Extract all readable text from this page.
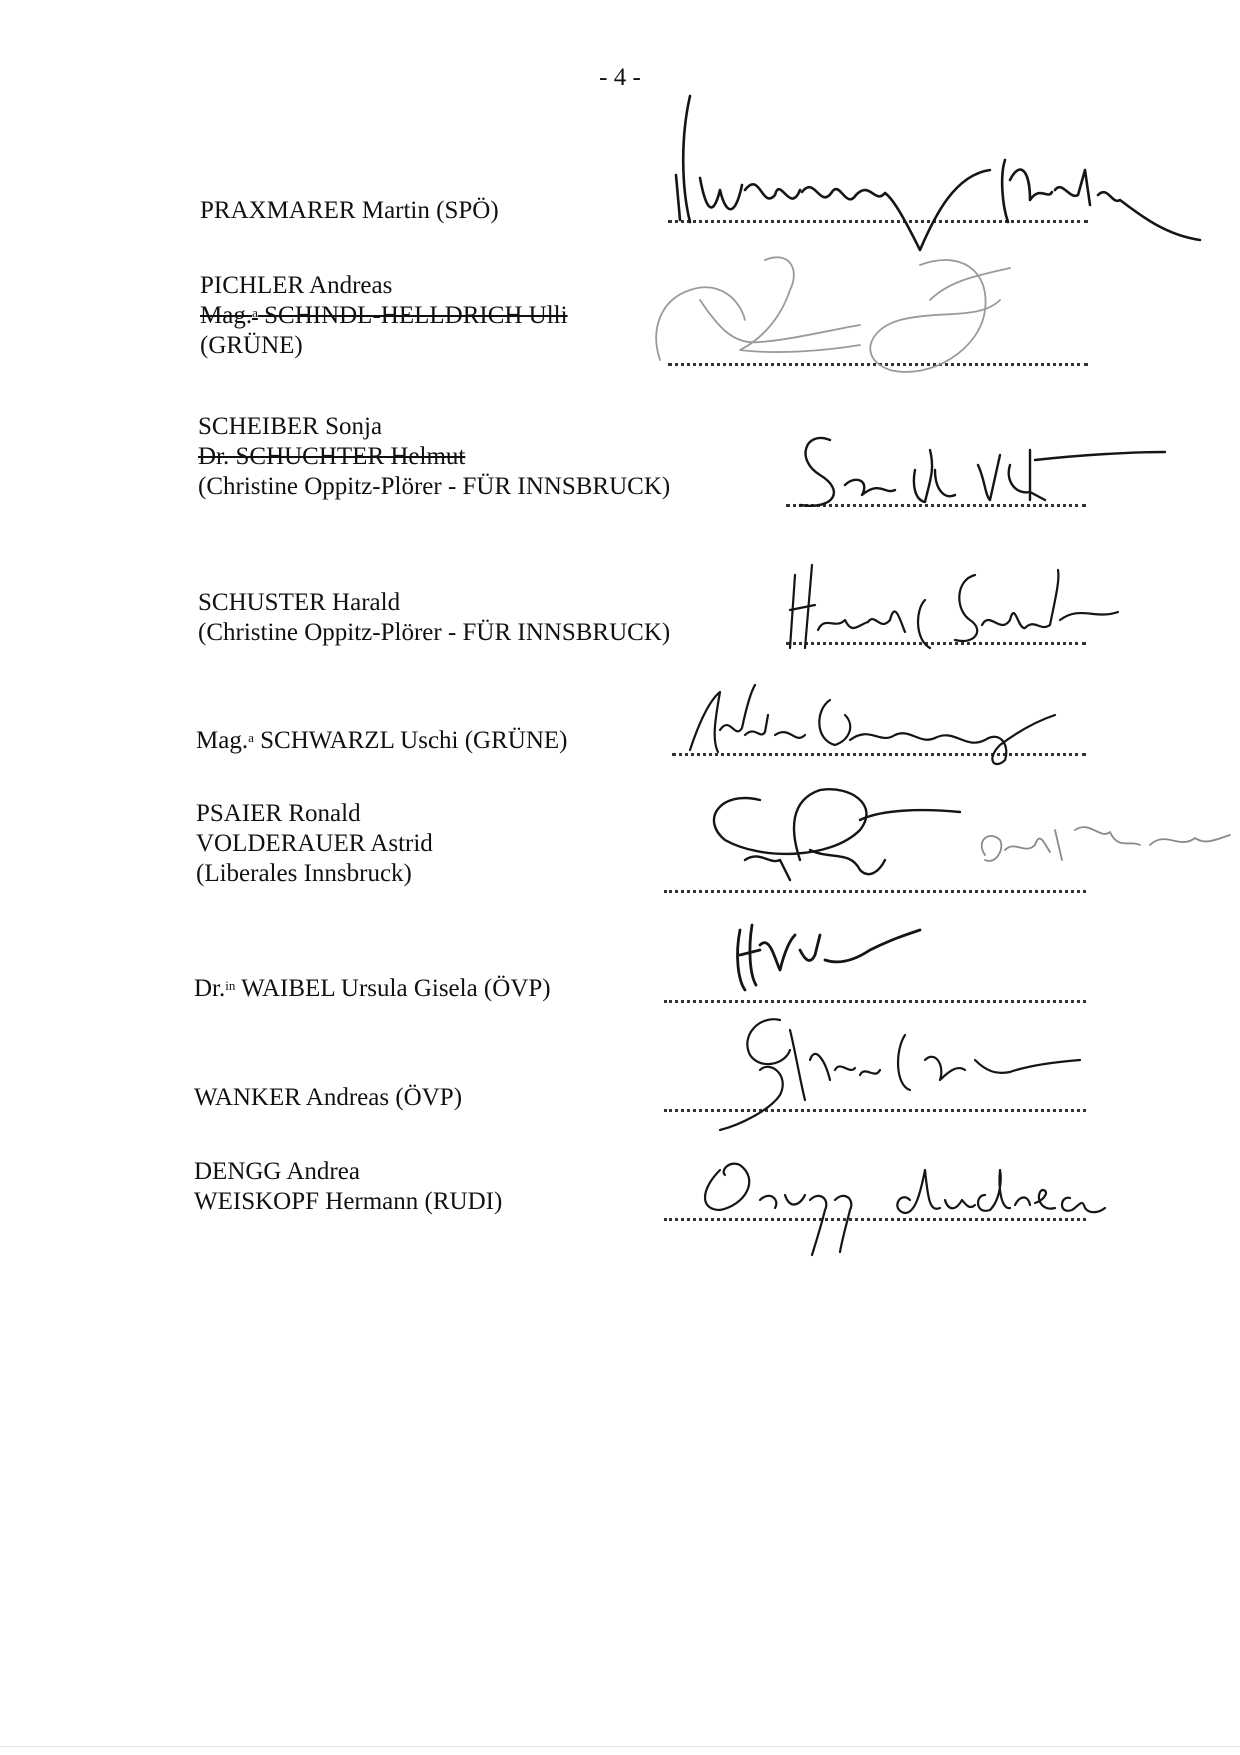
- 4 -
PRAXMARER Martin (SPÖ)
PICHLER Andreas
Mag.$^a$ SCHINDL-HELLDRICH Ulli
(GRÜNE)
SCHEIBER Sonja
Dr. SCHUCHTER Helmut
(Christine Oppitz-Plörer - FÜR INNSBRUCK)
SCHUSTER Harald
(Christine Oppitz-Plörer - FÜR INNSBRUCK)
Mag.$^a$ SCHWARZL Uschi (GRÜNE)
PSAIER Ronald
VOLDERAUER Astrid
(Liberales Innsbruck)
Dr.$^{in}$ WAIBEL Ursula Gisela (ÖVP)
WANKER Andreas (ÖVP)
DENGG Andrea
WEISKOPF Hermann (RUDI)
